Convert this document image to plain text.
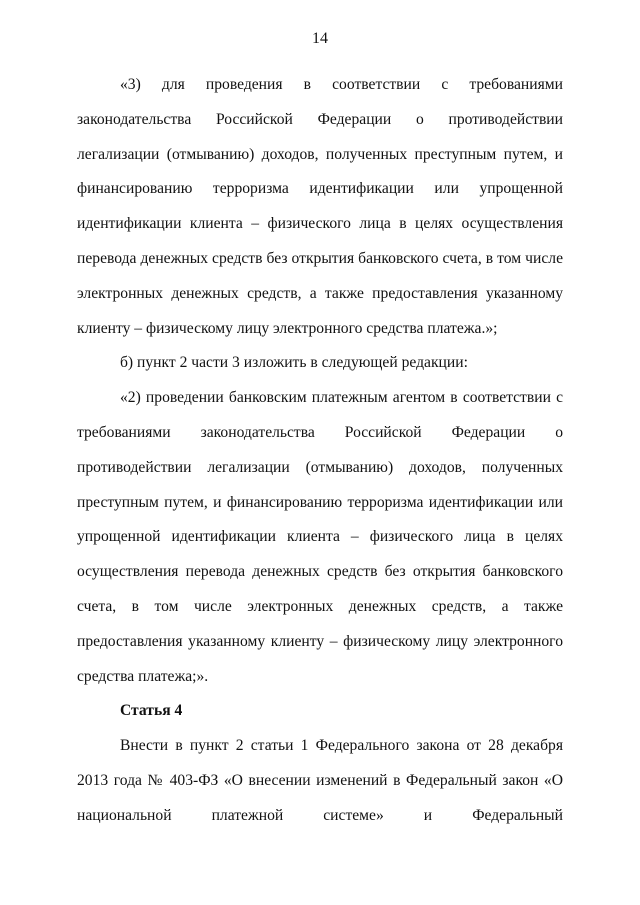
14

«3) для проведения в соответствии с требованиями законодательства Российской Федерации о противодействии легализации (отмыванию) доходов, полученных преступным путем, и финансированию терроризма идентификации или упрощенной идентификации клиента – физического лица в целях осуществления перевода денежных средств без открытия банковского счета, в том числе электронных денежных средств, а также предоставления указанному клиенту – физическому лицу электронного средства платежа.»;

б) пункт 2 части 3 изложить в следующей редакции:

«2) проведении банковским платежным агентом в соответствии с требованиями законодательства Российской Федерации о противодействии легализации (отмыванию) доходов, полученных преступным путем, и финансированию терроризма идентификации или упрощенной идентификации клиента – физического лица в целях осуществления перевода денежных средств без открытия банковского счета, в том числе электронных денежных средств, а также предоставления указанному клиенту – физическому лицу электронного средства платежа;».

Статья 4

Внести в пункт 2 статьи 1 Федерального закона от 28 декабря 2013 года № 403-ФЗ «О внесении изменений в Федеральный закон «О национальной платежной системе» и Федеральный
